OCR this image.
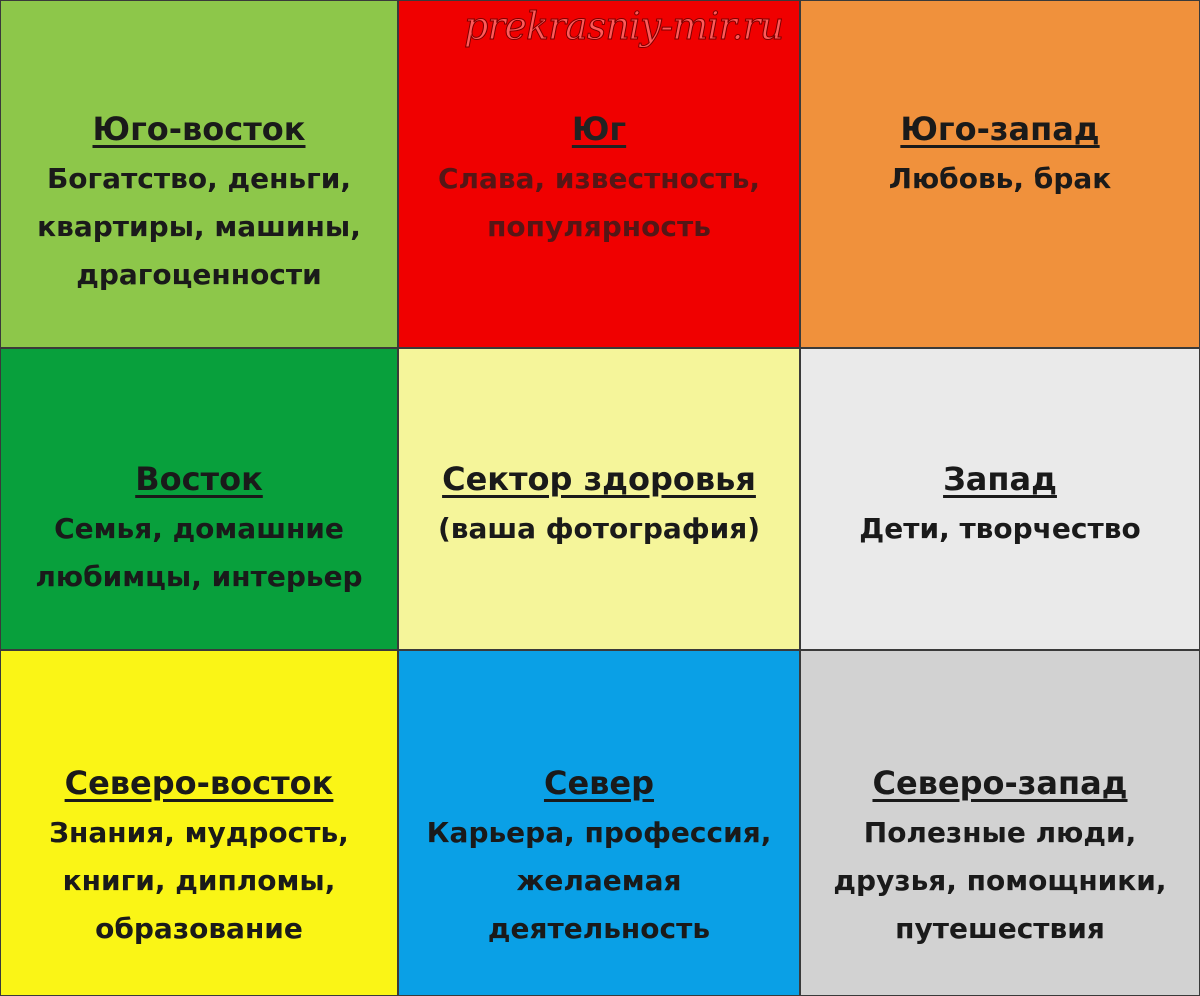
Юго-восток
Богатство, деньги,
квартиры, машины,
драгоценности
Юг
Слава, известность,
популярность
Юго-запад
Любовь, брак
Восток
Семья, домашние
любимцы, интерьер
Сектор здоровья
(ваша фотография)
Запад
Дети, творчество
Северо-восток
Знания, мудрость,
книги, дипломы,
образование
Север
Карьера, профессия,
желаемая
деятельность
Северо-запад
Полезные люди,
друзья, помощники,
путешествия
prekrasniy-mir.ru
